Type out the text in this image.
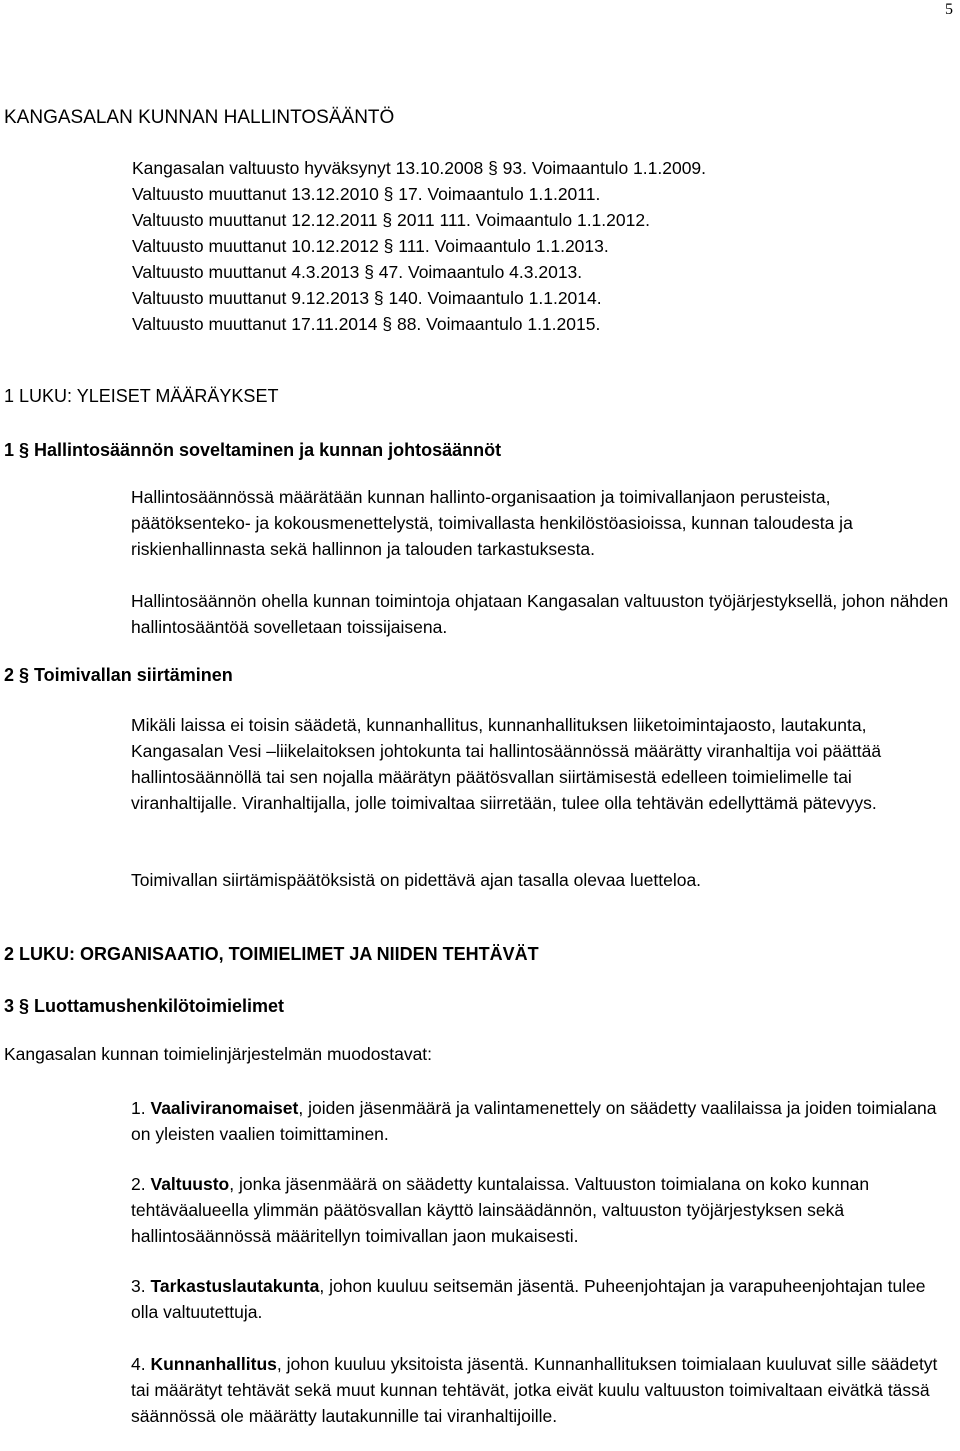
5
KANGASALAN KUNNAN HALLINTOSÄÄNTÖ
Kangasalan valtuusto hyväksynyt 13.10.2008 § 93. Voimaantulo 1.1.2009.
Valtuusto muuttanut 13.12.2010 § 17. Voimaantulo 1.1.2011.
Valtuusto muuttanut 12.12.2011 § 2011 111. Voimaantulo 1.1.2012.
Valtuusto muuttanut 10.12.2012 § 111. Voimaantulo 1.1.2013.
Valtuusto muuttanut 4.3.2013 § 47. Voimaantulo 4.3.2013.
Valtuusto muuttanut 9.12.2013 § 140. Voimaantulo 1.1.2014.
Valtuusto muuttanut 17.11.2014 § 88. Voimaantulo 1.1.2015.
1 LUKU: YLEISET MÄÄRÄYKSET
1 § Hallintosäännön soveltaminen ja kunnan johtosäännöt
Hallintosäännössä määrätään kunnan hallinto-organisaation ja toimivallanjaon perusteista, päätöksenteko- ja kokousmenettelystä, toimivallasta henkilöstöasioissa, kunnan taloudesta ja riskienhallinnasta sekä hallinnon ja talouden tarkastuksesta.
Hallintosäännön ohella kunnan toimintoja ohjataan Kangasalan valtuuston työjärjestyksellä, johon nähden hallintosääntöä sovelletaan toissijaisena.
2 § Toimivallan siirtäminen
Mikäli laissa ei toisin säädetä, kunnanhallitus, kunnanhallituksen liiketoimintajaosto, lautakunta, Kangasalan Vesi –liikelaitoksen johtokunta tai hallintosäännössä määrätty viranhaltija voi päättää hallintosäännöllä tai sen nojalla määrätyn päätösvallan siirtämisestä edelleen toimielimelle tai viranhaltijalle. Viranhaltijalla, jolle toimivaltaa siirretään, tulee olla tehtävän edellyttämä pätevyys.
Toimivallan siirtämispäätöksistä on pidettävä ajan tasalla olevaa luetteloa.
2 LUKU: ORGANISAATIO, TOIMIELIMET JA NIIDEN TEHTÄVÄT
3 § Luottamushenkilötoimielimet
Kangasalan kunnan toimielinjärjestelmän muodostavat:
1. Vaaliviranomaiset, joiden jäsenmäärä ja valintamenettely on säädetty vaalilaissa ja joiden toimialana on yleisten vaalien toimittaminen.
2. Valtuusto, jonka jäsenmäärä on säädetty kuntalaissa. Valtuuston toimialana on koko kunnan tehtäväalueella ylimmän päätösvallan käyttö lainsäädännön, valtuuston työjärjestyksen sekä hallintosäännössä määritellyn toimivallan jaon mukaisesti.
3. Tarkastuslautakunta, johon kuuluu seitsemän jäsentä. Puheenjohtajan ja varapuheenjohtajan tulee olla valtuutettuja.
4. Kunnanhallitus, johon kuuluu yksitoista jäsentä. Kunnanhallituksen toimialaan kuuluvat sille säädetyt tai määrätyt tehtävät sekä muut kunnan tehtävät, jotka eivät kuulu valtuuston toimivaltaan eivätkä tässä säännössä ole määrätty lautakunnille tai viranhaltijoille.
